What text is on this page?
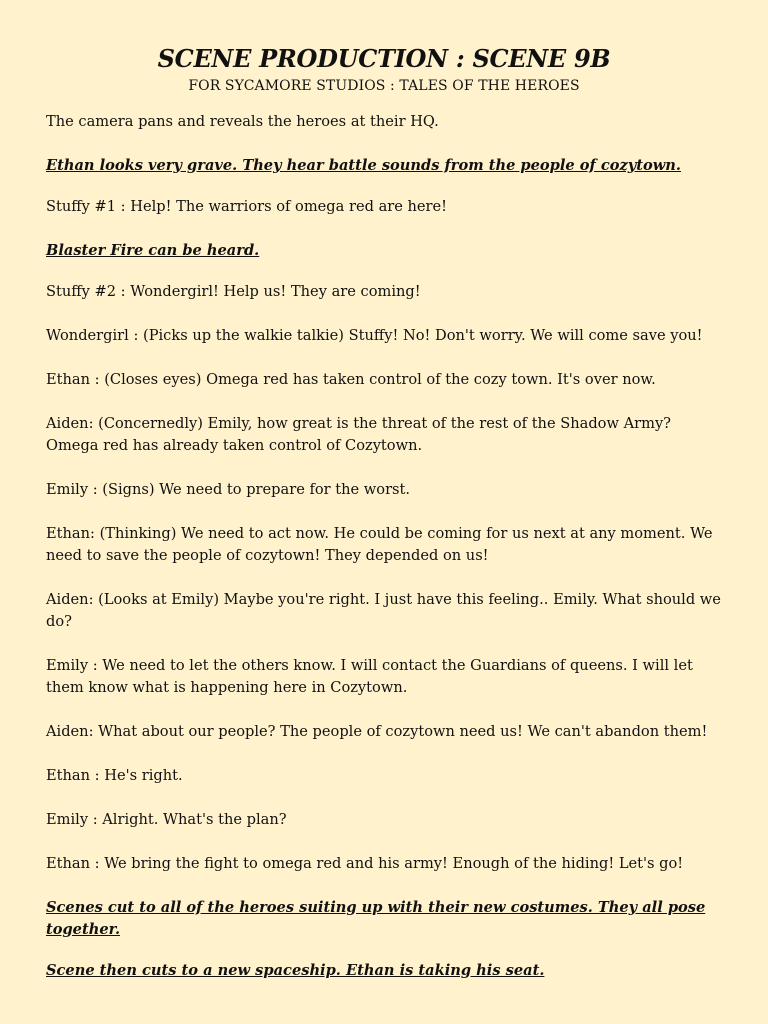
SCENE PRODUCTION : SCENE 9B

FOR SYCAMORE STUDIOS : TALES OF THE HEROES

The camera pans and reveals the heroes at their HQ.

Ethan looks very grave. They hear battle sounds from the people of cozytown.

Stuffy #1 : Help! The warriors of omega red are here!

Blaster Fire can be heard.

Stuffy #2 : Wondergirl! Help us! They are coming!

Wondergirl : (Picks up the walkie talkie) Stuffy! No! Don't worry. We will come save you!

Ethan : (Closes eyes) Omega red has taken control of the cozy town. It's over now.

Aiden: (Concernedly) Emily, how great is the threat of the rest of the Shadow Army? Omega red has already taken control of Cozytown.

Emily : (Signs) We need to prepare for the worst.

Ethan: (Thinking) We need to act now. He could be coming for us next at any moment. We need to save the people of cozytown! They depended on us!

Aiden: (Looks at Emily) Maybe you're right. I just have this feeling.. Emily. What should we do?

Emily : We need to let the others know. I will contact the Guardians of queens. I will let them know what is happening here in Cozytown.

Aiden: What about our people? The people of cozytown need us! We can't abandon them!

Ethan : He's right.

Emily : Alright. What's the plan?

Ethan : We bring the fight to omega red and his army! Enough of the hiding! Let's go!

Scenes cut to all of the heroes suiting up with their new costumes. They all pose together.

Scene then cuts to a new spaceship. Ethan is taking his seat.
